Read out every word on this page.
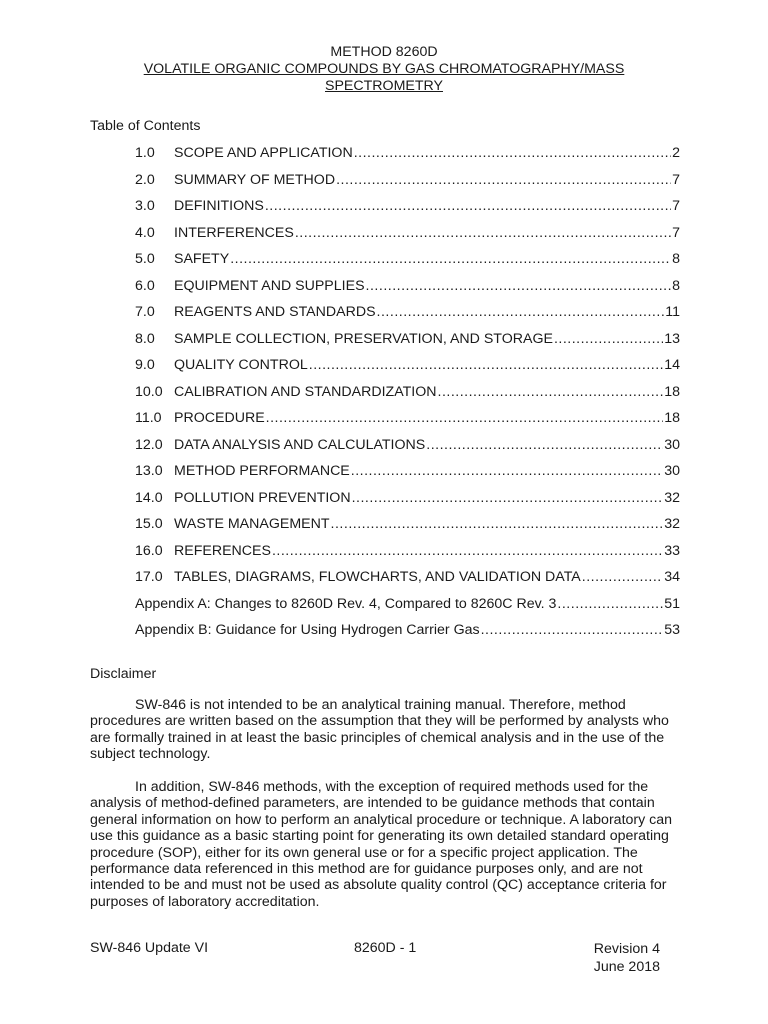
METHOD 8260D
VOLATILE ORGANIC COMPOUNDS BY GAS CHROMATOGRAPHY/MASS
SPECTROMETRY
Table of Contents
1.0	SCOPE AND APPLICATION .....	2
2.0	SUMMARY OF METHOD .....	7
3.0	DEFINITIONS .....	7
4.0	INTERFERENCES .....	7
5.0	SAFETY .....	8
6.0	EQUIPMENT AND SUPPLIES .....	8
7.0	REAGENTS AND STANDARDS .....	11
8.0	SAMPLE COLLECTION, PRESERVATION, AND STORAGE .....	13
9.0	QUALITY CONTROL .....	14
10.0 CALIBRATION AND STANDARDIZATION .....	18
11.0 PROCEDURE .....	18
12.0 DATA ANALYSIS AND CALCULATIONS .....	30
13.0 METHOD PERFORMANCE .....	30
14.0 POLLUTION PREVENTION .....	32
15.0 WASTE MANAGEMENT .....	32
16.0 REFERENCES .....	33
17.0 TABLES, DIAGRAMS, FLOWCHARTS, AND VALIDATION DATA .....	34
Appendix A: Changes to 8260D Rev. 4, Compared to 8260C Rev. 3 .....	51
Appendix B: Guidance for Using Hydrogen Carrier Gas .....	53
Disclaimer
SW-846 is not intended to be an analytical training manual. Therefore, method procedures are written based on the assumption that they will be performed by analysts who are formally trained in at least the basic principles of chemical analysis and in the use of the subject technology.
In addition, SW-846 methods, with the exception of required methods used for the analysis of method-defined parameters, are intended to be guidance methods that contain general information on how to perform an analytical procedure or technique. A laboratory can use this guidance as a basic starting point for generating its own detailed standard operating procedure (SOP), either for its own general use or for a specific project application. The performance data referenced in this method are for guidance purposes only, and are not intended to be and must not be used as absolute quality control (QC) acceptance criteria for purposes of laboratory accreditation.
SW-846 Update VI	8260D - 1	Revision 4
June 2018
